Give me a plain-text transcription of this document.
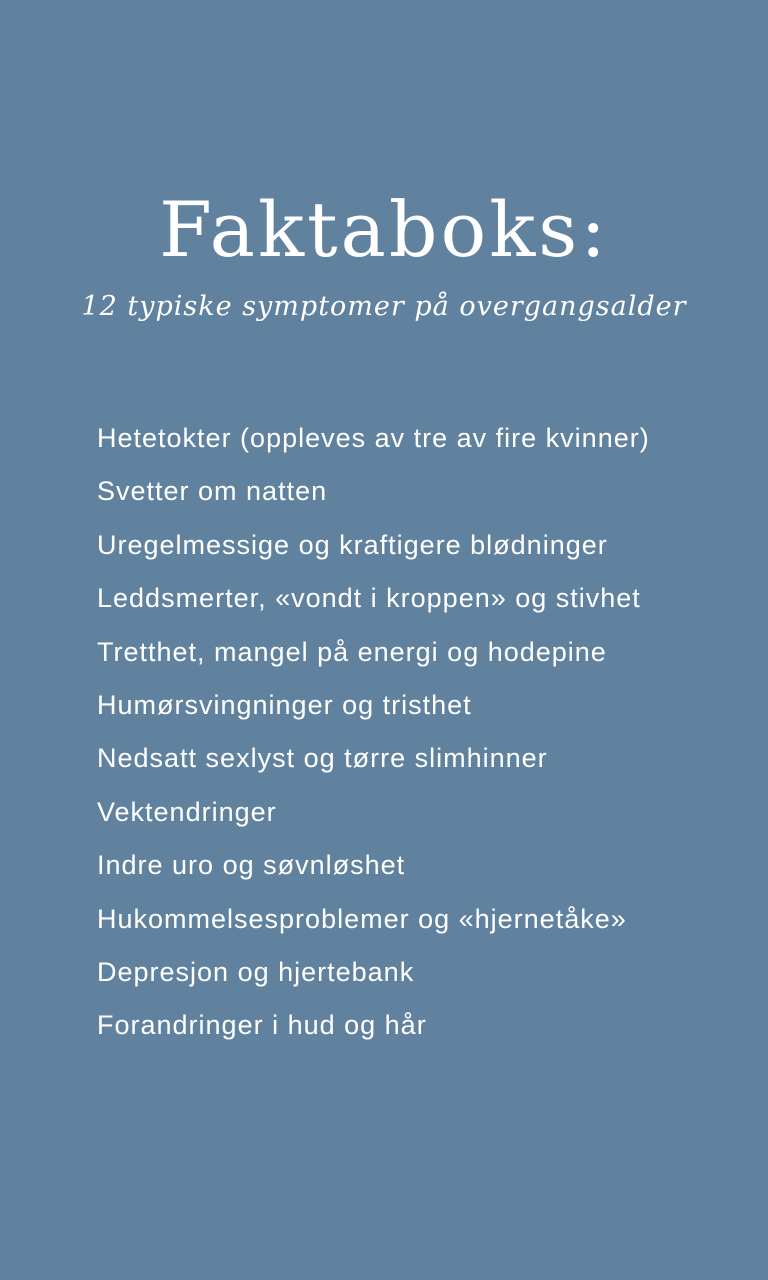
Faktaboks:
12 typiske symptomer på overgangsalder
Hetetokter (oppleves av tre av fire kvinner)
Svetter om natten
Uregelmessige og kraftigere blødninger
Leddsmerter, «vondt i kroppen» og stivhet
Tretthet, mangel på energi og hodepine
Humørsvingninger og tristhet
Nedsatt sexlyst og tørre slimhinner
Vektendringer
Indre uro og søvnløshet
Hukommelsesproblemer og «hjernetåke»
Depresjon og hjertebank
Forandringer i hud og hår
